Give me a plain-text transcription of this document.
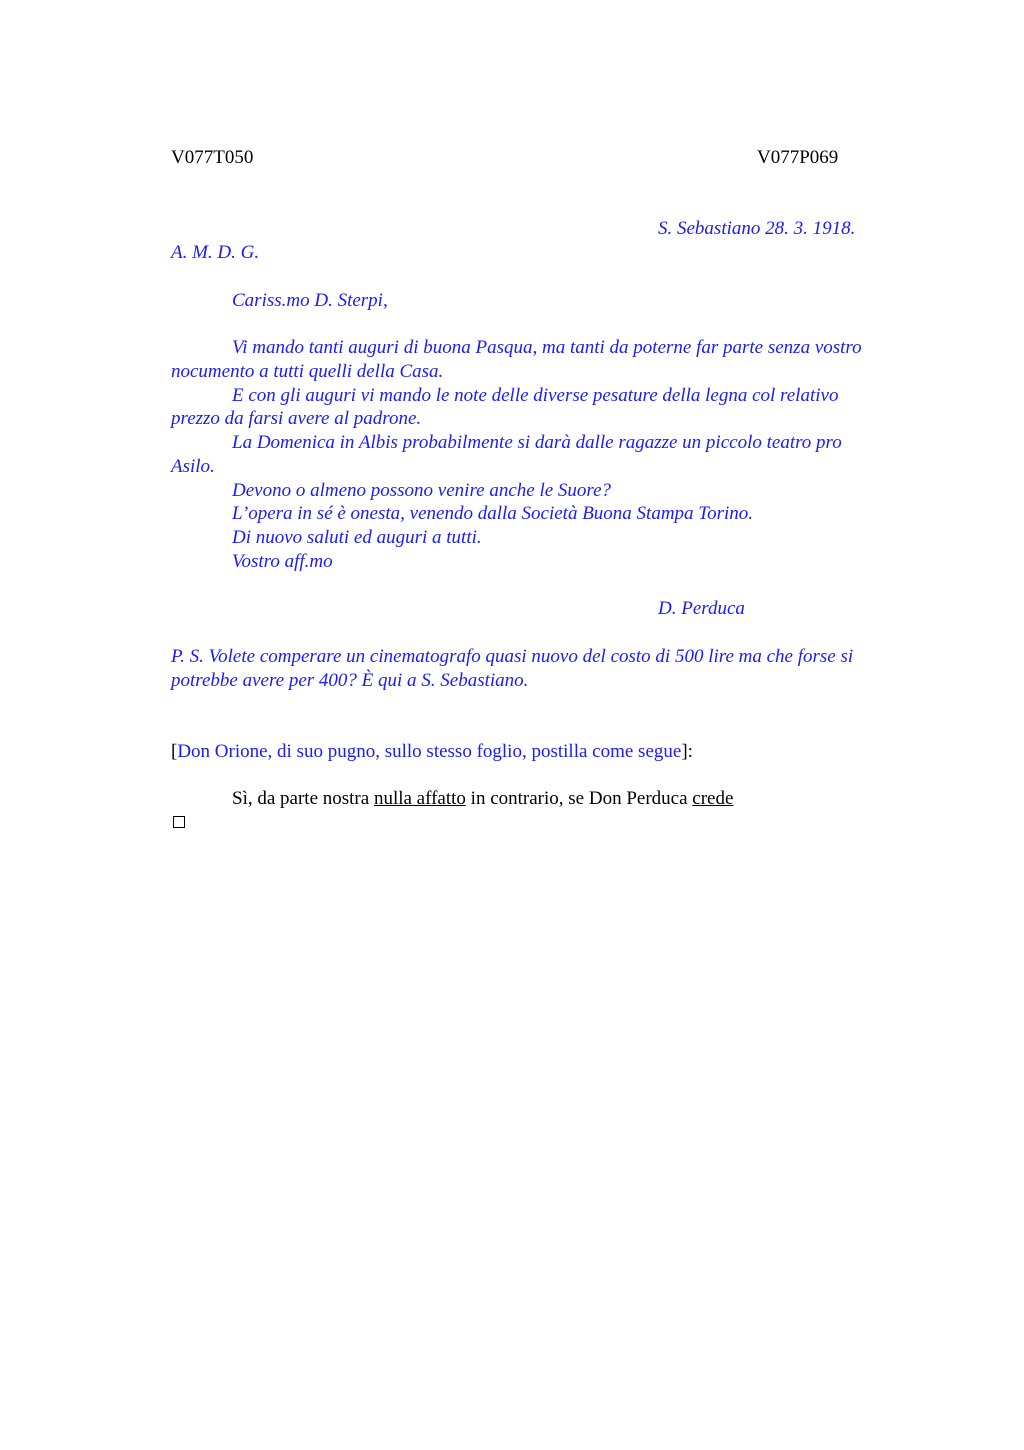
V077T050	V077P069
S. Sebastiano 28. 3. 1918.
A. M. D. G.
Cariss.mo D. Sterpi,
Vi mando tanti auguri di buona Pasqua, ma tanti da poterne far parte senza vostro
nocumento a tutti quelli della Casa.
E con gli auguri vi mando le note delle diverse pesature della legna col relativo
prezzo da farsi avere al padrone.
La Domenica in Albis probabilmente si darà dalle ragazze un piccolo teatro pro
Asilo.
Devono o almeno possono venire anche le Suore?
L’opera in sé è onesta, venendo dalla Società Buona Stampa Torino.
Di nuovo saluti ed auguri a tutti.
Vostro aff.mo
D. Perduca
P. S. Volete comperare un cinematografo quasi nuovo del costo di 500 lire ma che forse si
potrebbe avere per 400? È qui a S. Sebastiano.
[Don Orione, di suo pugno, sullo stesso foglio, postilla come segue]:
Sì, da parte nostra nulla affatto in contrario, se Don Perduca crede
